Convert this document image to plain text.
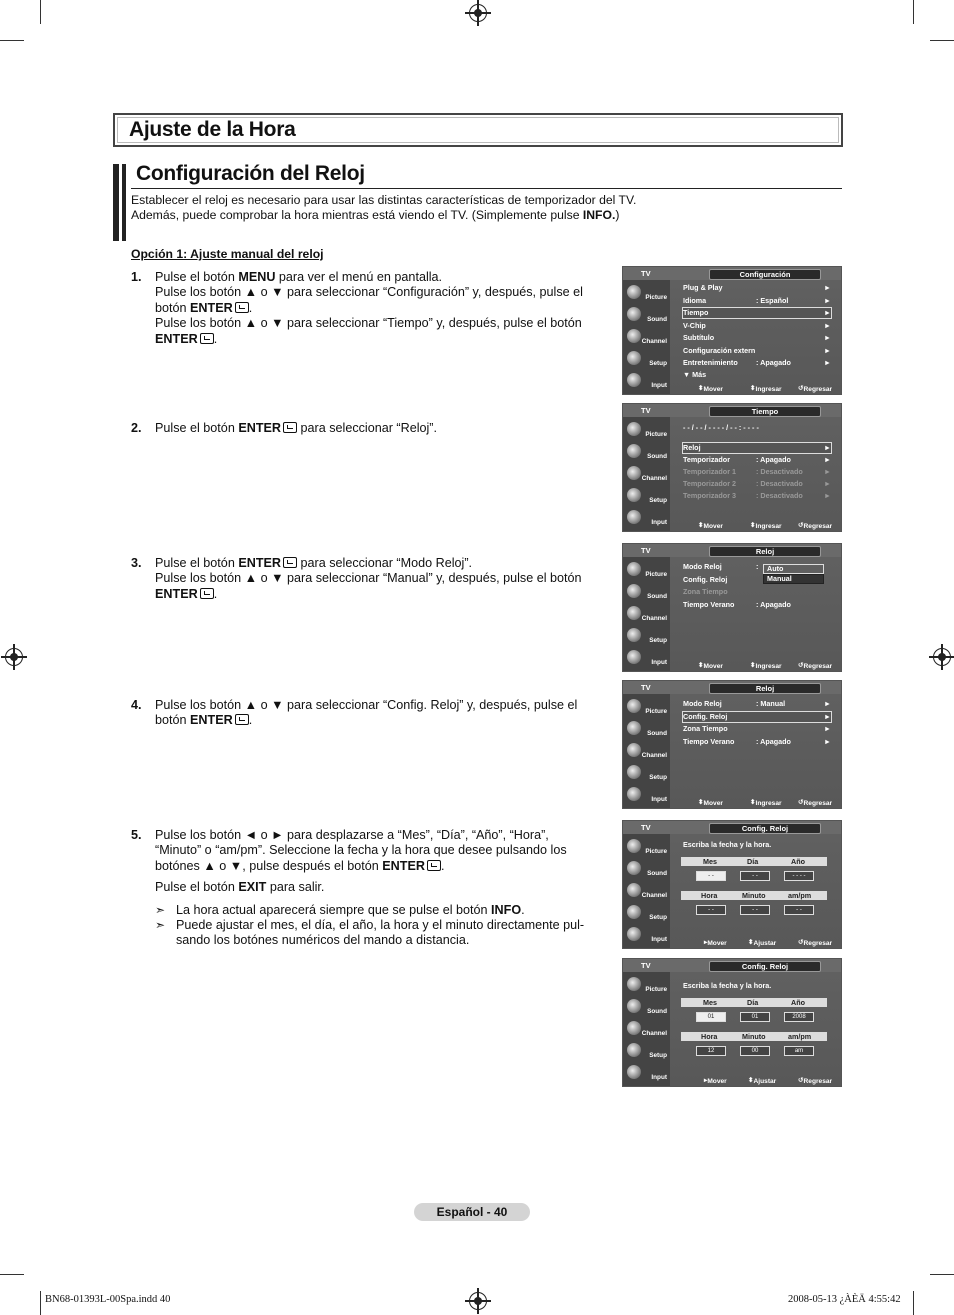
Ajuste de la Hora
Configuración del Reloj
Establecer el reloj es necesario para usar las distintas características de temporizador del TV.
Además, puede comprobar la hora mientras está viendo el TV. (Simplemente pulse INFO.)
Opción 1: Ajuste manual del reloj
1. Pulse el botón MENU para ver el menú en pantalla.
Pulse los botón ▲ o ▼ para seleccionar “Configuración” y, después, pulse el
botón ENTER .
Pulse los botón ▲ o ▼ para seleccionar “Tiempo” y, después, pulse el botón
ENTER .
2. Pulse el botón ENTER para seleccionar “Reloj”.
3. Pulse el botón ENTER para seleccionar “Modo Reloj”.
Pulse los botón ▲ o ▼ para seleccionar “Manual” y, después, pulse el botón
ENTER .
4. Pulse los botón ▲ o ▼ para seleccionar “Config. Reloj” y, después, pulse el
botón ENTER .
5. Pulse los botón ◄ o ► para desplazarse a “Mes”, “Día”, “Año”, “Hora”,
“Minuto” o “am/pm”. Seleccione la fecha y la hora que desee pulsando los
botónes ▲ o ▼, pulse después el botón ENTER .
Pulse el botón EXIT para salir.
➣ La hora actual aparecerá siempre que se pulse el botón INFO.
➣ Puede ajustar el mes, el día, el año, la hora y el minuto directamente pul-
sando los botónes numéricos del mando a distancia.
TV	Configuración
Picture
Sound
Channel
Setup
Input
Plug & Play	►
Idioma	: Español	►
Tiempo	►
V-Chip	►
Subtítulo	►
Configuración extern	►
Entretenimiento	: Apagado	►
▼ Más
⬍ Mover	⬍ Ingresar ↺ Regresar
TV	Tiempo
Picture
Sound
Channel
Setup
Input
- - / - - / - - - - / - - : - - - -
Reloj	►
Temporizador	: Apagado	►
Temporizador 1	: Desactivado	►
Temporizador 2	: Desactivado	►
Temporizador 3	: Desactivado	►
⬍ Mover	⬍ Ingresar ↺ Regresar
TV	Reloj
Picture
Sound
Channel
Setup
Input
Modo Reloj	:
Config. Reloj
Zona Tiempo
Tiempo Verano	: Apagado
Auto
Manual
⬍ Mover	⬍ Ingresar ↺ Regresar
TV	Reloj
Picture
Sound
Channel
Setup
Input
Modo Reloj	: Manual	►
Config. Reloj	►
Zona Tiempo	►
Tiempo Verano	: Apagado	►
⬍ Mover	⬍ Ingresar ↺ Regresar
TV	Config. Reloj
Picture
Sound
Channel
Setup
Input
Escriba la fecha y la hora.
Mes	Día	Año
- -	- -	- - - -
Hora	Minuto	am/pm
- -	- -	- -
▸ Mover	⬍ Ajustar	↺ Regresar
TV	Config. Reloj
Picture
Sound
Channel
Setup
Input
Escriba la fecha y la hora.
Mes	Día	Año
01	01	2008
Hora	Minuto	am/pm
12	00	am
▸ Mover	⬍ Ajustar	↺ Regresar
Español - 40
BN68-01393L-00Spa.indd 40	2008-05-13 ¿ÀÈÄ 4:55:42
